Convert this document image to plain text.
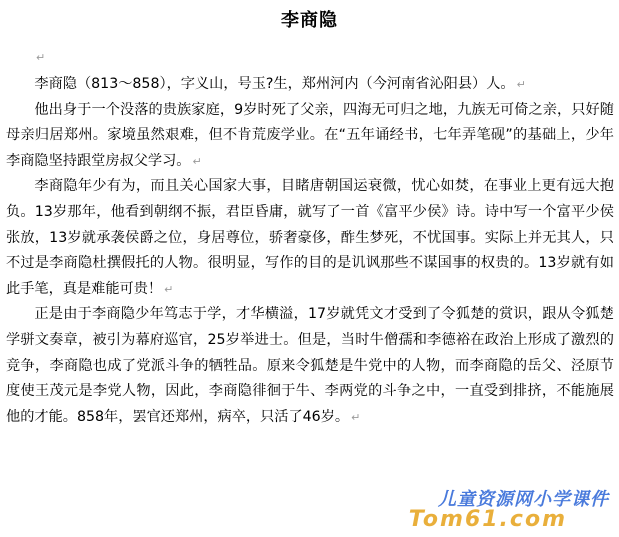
李商隐
↵

李商隐（813～858），字义山，号玉?生，郑州河内（今河南省沁阳县）人。 ↵

他出身于一个没落的贵族家庭，9岁时死了父亲，四海无可归之地，九族无可倚之亲，只好随母亲归居郑州。家境虽然艰难，但不肯荒废学业。在“五年诵经书，七年弄笔砚”的基础上，少年李商隐坚持跟堂房叔父学习。 ↵

李商隐年少有为，而且关心国家大事，目睹唐朝国运衰微，忧心如焚，在事业上更有远大抱负。13岁那年，他看到朝纲不振，君臣昏庸，就写了一首《富平少侯》诗。诗中写一个富平少侯张放，13岁就承袭侯爵之位，身居尊位，骄奢豪侈，酢生梦死，不忧国事。实际上并无其人，只不过是李商隐杜撰假托的人物。很明显，写作的目的是讥讽那些不谋国事的权贵的。13岁就有如此手笔，真是难能可贵！ ↵

正是由于李商隐少年笃志于学，才华横溢，17岁就凭文才受到了令狐楚的赏识，跟从令狐楚学骈文奏章，被引为幕府巡官，25岁举进士。但是，当时牛僧孺和李德裕在政治上形成了激烈的竞争，李商隐也成了党派斗争的牺牲品。原来令狐楚是牛党中的人物，而李商隐的岳父、泾原节度使王茂元是李党人物，因此，李商隐徘徊于牛、李两党的斗争之中，一直受到排挤，不能施展他的才能。858年，罢官还郑州，病卒，只活了46岁。 ↵

儿童资源网小学课件
Tom61.com
